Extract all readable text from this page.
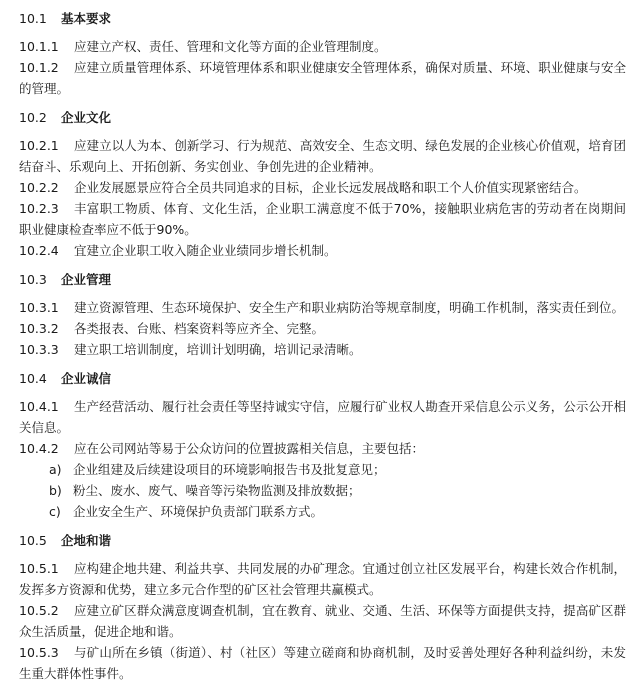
10.1 基本要求

10.1.1	应建立产权、责任、管理和文化等方面的企业管理制度。

10.1.2	应建立质量管理体系、环境管理体系和职业健康安全管理体系，确保对质量、环境、职业健康与安全的管理。

10.2 企业文化

10.2.1	应建立以人为本、创新学习、行为规范、高效安全、生态文明、绿色发展的企业核心价值观，培育团结奋斗、乐观向上、开拓创新、务实创业、争创先进的企业精神。

10.2.2	企业发展愿景应符合全员共同追求的目标，企业长远发展战略和职工个人价值实现紧密结合。

10.2.3	丰富职工物质、体育、文化生活，企业职工满意度不低于70%，接触职业病危害的劳动者在岗期间职业健康检查率应不低于90%。

10.2.4	宜建立企业职工收入随企业业绩同步增长机制。

10.3 企业管理

10.3.1	建立资源管理、生态环境保护、安全生产和职业病防治等规章制度，明确工作机制，落实责任到位。

10.3.2	各类报表、台账、档案资料等应齐全、完整。

10.3.3	建立职工培训制度，培训计划明确，培训记录清晰。

10.4 企业诚信

10.4.1	生产经营活动、履行社会责任等坚持诚实守信，应履行矿业权人勘查开采信息公示义务，公示公开相关信息。

10.4.2	应在公司网站等易于公众访问的位置披露相关信息，主要包括：

a) 企业组建及后续建设项目的环境影响报告书及批复意见；
b) 粉尘、废水、废气、噪音等污染物监测及排放数据；
c) 企业安全生产、环境保护负责部门联系方式。
10.5 企地和谐

10.5.1	应构建企地共建、利益共享、共同发展的办矿理念。宜通过创立社区发展平台，构建长效合作机制，发挥多方资源和优势，建立多元合作型的矿区社会管理共赢模式。

10.5.2	应建立矿区群众满意度调查机制，宜在教育、就业、交通、生活、环保等方面提供支持，提高矿区群众生活质量，促进企地和谐。

10.5.3	与矿山所在乡镇（街道）、村（社区）等建立磋商和协商机制，及时妥善处理好各种利益纠纷，未发生重大群体性事件。
